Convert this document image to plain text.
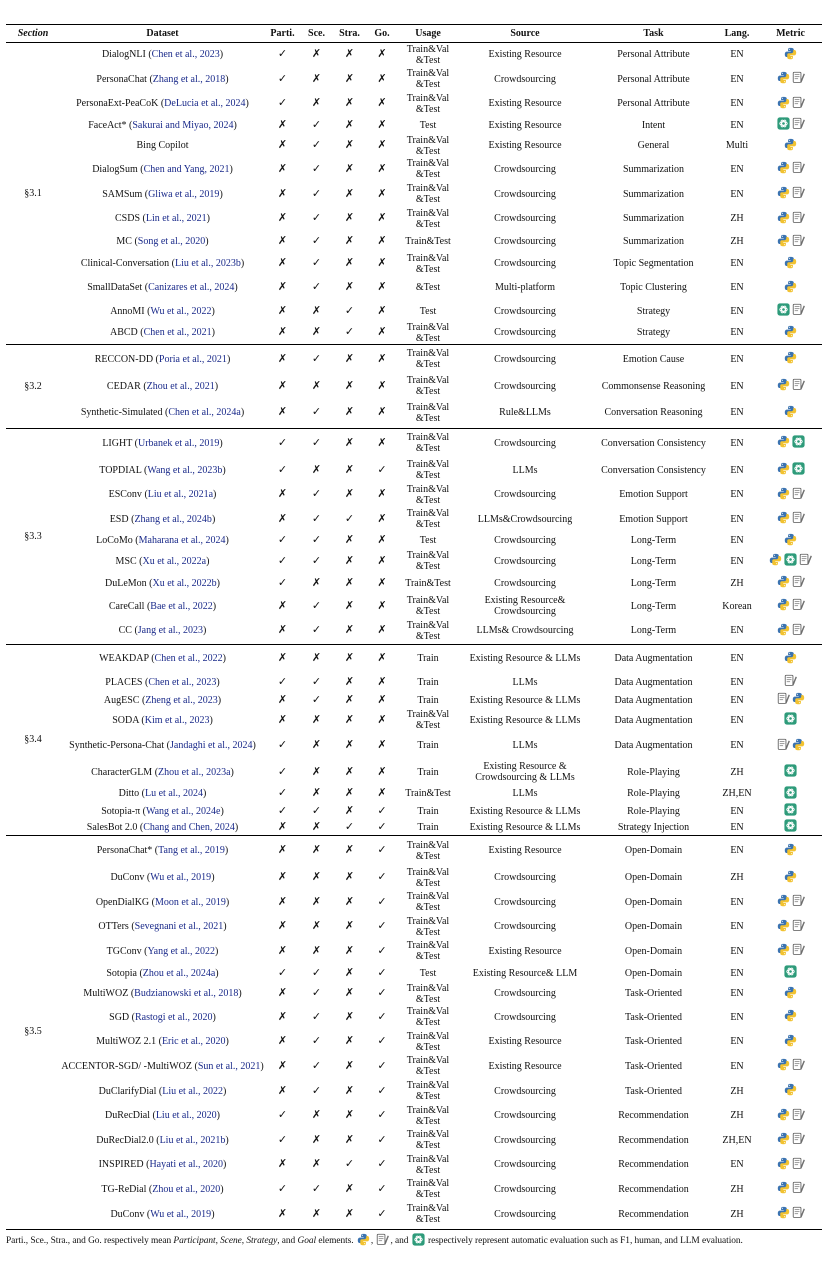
Section	Dataset	Parti.	Sce.	Stra.	Go.	Usage	Source	Task	Lang.	Metric
§3.1	DialogNLI (Chen et al., 2023)	✓	✗	✗	✗	Train&Val &Test	Existing Resource	Personal Attribute	EN	
	PersonaChat (Zhang et al., 2018)	✓	✗	✗	✗	Train&Val &Test	Crowdsourcing	Personal Attribute	EN	
	PersonaExt-PeaCoK (DeLucia et al., 2024)	✓	✗	✗	✗	Train&Val &Test	Existing Resource	Personal Attribute	EN	
	FaceAct* (Sakurai and Miyao, 2024)	✗	✓	✗	✗	Test	Existing Resource	Intent	EN	
	Bing Copilot	✗	✓	✗	✗	Train&Val &Test	Existing Resource	General	Multi	
	DialogSum (Chen and Yang, 2021)	✗	✓	✗	✗	Train&Val &Test	Crowdsourcing	Summarization	EN	
	SAMSum (Gliwa et al., 2019)	✗	✓	✗	✗	Train&Val &Test	Crowdsourcing	Summarization	EN	
	CSDS (Lin et al., 2021)	✗	✓	✗	✗	Train&Val &Test	Crowdsourcing	Summarization	ZH	
	MC (Song et al., 2020)	✗	✓	✗	✗	Train&Test	Crowdsourcing	Summarization	ZH	
	Clinical-Conversation (Liu et al., 2023b)	✗	✓	✗	✗	Train&Val &Test	Crowdsourcing	Topic Segmentation	EN	
	SmallDataSet (Canizares et al., 2024)	✗	✓	✗	✗	&Test	Multi-platform	Topic Clustering	EN	
	AnnoMI (Wu et al., 2022)	✗	✗	✓	✗	Test	Crowdsourcing	Strategy	EN	
	ABCD (Chen et al., 2021)	✗	✗	✓	✗	Train&Val &Test	Crowdsourcing	Strategy	EN	
§3.2	RECCON-DD (Poria et al., 2021)	✗	✓	✗	✗	Train&Val &Test	Crowdsourcing	Emotion Cause	EN	
	CEDAR (Zhou et al., 2021)	✗	✗	✗	✗	Train&Val &Test	Crowdsourcing	Commonsense Reasoning	EN	
	Synthetic-Simulated (Chen et al., 2024a)	✗	✓	✗	✗	Train&Val &Test	Rule&LLMs	Conversation Reasoning	EN	
§3.3	LIGHT (Urbanek et al., 2019)	✓	✓	✗	✗	Train&Val &Test	Crowdsourcing	Conversation Consistency	EN	
	TOPDIAL (Wang et al., 2023b)	✓	✗	✗	✓	Train&Val &Test	LLMs	Conversation Consistency	EN	
	ESConv (Liu et al., 2021a)	✗	✓	✗	✗	Train&Val &Test	Crowdsourcing	Emotion Support	EN	
	ESD (Zhang et al., 2024b)	✗	✓	✓	✗	Train&Val &Test	LLMs&Crowdsourcing	Emotion Support	EN	
	LoCoMo (Maharana et al., 2024)	✓	✓	✗	✗	Test	Crowdsourcing	Long-Term	EN	
	MSC (Xu et al., 2022a)	✓	✓	✗	✗	Train&Val &Test	Crowdsourcing	Long-Term	EN	
	DuLeMon (Xu et al., 2022b)	✓	✗	✗	✗	Train&Test	Crowdsourcing	Long-Term	ZH	
	CareCall (Bae et al., 2022)	✗	✓	✗	✗	Train&Val &Test	Existing Resource& Crowdsourcing	Long-Term	Korean	
	CC (Jang et al., 2023)	✗	✓	✗	✗	Train&Val &Test	LLMs& Crowdsourcing	Long-Term	EN	
§3.4	WEAKDAP (Chen et al., 2022)	✗	✗	✗	✗	Train	Existing Resource & LLMs	Data Augmentation	EN	
	PLACES (Chen et al., 2023)	✓	✓	✗	✗	Train	LLMs	Data Augmentation	EN	
	AugESC (Zheng et al., 2023)	✗	✓	✗	✗	Train	Existing Resource & LLMs	Data Augmentation	EN	
	SODA (Kim et al., 2023)	✗	✗	✗	✗	Train&Val &Test	Existing Resource & LLMs	Data Augmentation	EN	
	Synthetic-Persona-Chat (Jandaghi et al., 2024)	✓	✗	✗	✗	Train	LLMs	Data Augmentation	EN	
	CharacterGLM (Zhou et al., 2023a)	✓	✗	✗	✗	Train	Existing Resource & Crowdsourcing & LLMs	Role-Playing	ZH	
	Ditto (Lu et al., 2024)	✓	✗	✗	✗	Train&Test	LLMs	Role-Playing	ZH,EN	
	Sotopia-π (Wang et al., 2024e)	✓	✓	✗	✓	Train	Existing Resource & LLMs	Role-Playing	EN	
	SalesBot 2.0 (Chang and Chen, 2024)	✗	✗	✓	✓	Train	Existing Resource & LLMs	Strategy Injection	EN	
§3.5	PersonaChat* (Tang et al., 2019)	✗	✗	✗	✓	Train&Val &Test	Existing Resource	Open-Domain	EN	
	DuConv (Wu et al., 2019)	✗	✗	✗	✓	Train&Val &Test	Crowdsourcing	Open-Domain	ZH	
	OpenDialKG (Moon et al., 2019)	✗	✗	✗	✓	Train&Val &Test	Crowdsourcing	Open-Domain	EN	
	OTTers (Sevegnani et al., 2021)	✗	✗	✗	✓	Train&Val &Test	Crowdsourcing	Open-Domain	EN	
	TGConv (Yang et al., 2022)	✗	✗	✗	✓	Train&Val &Test	Existing Resource	Open-Domain	EN	
	Sotopia (Zhou et al., 2024a)	✓	✓	✗	✓	Test	Existing Resource& LLM	Open-Domain	EN	
	MultiWOZ (Budzianowski et al., 2018)	✗	✓	✗	✓	Train&Val &Test	Crowdsourcing	Task-Oriented	EN	
	SGD (Rastogi et al., 2020)	✗	✓	✗	✓	Train&Val &Test	Crowdsourcing	Task-Oriented	EN	
	MultiWOZ 2.1 (Eric et al., 2020)	✗	✓	✗	✓	Train&Val &Test	Existing Resource	Task-Oriented	EN	
	ACCENTOR-SGD/ -MultiWOZ (Sun et al., 2021)	✗	✓	✗	✓	Train&Val &Test	Existing Resource	Task-Oriented	EN	
	DuClarifyDial (Liu et al., 2022)	✗	✓	✗	✓	Train&Val &Test	Crowdsourcing	Task-Oriented	ZH	
	DuRecDial (Liu et al., 2020)	✓	✗	✗	✓	Train&Val &Test	Crowdsourcing	Recommendation	ZH	
	DuRecDial2.0 (Liu et al., 2021b)	✓	✗	✗	✓	Train&Val &Test	Crowdsourcing	Recommendation	ZH,EN	
	INSPIRED (Hayati et al., 2020)	✗	✗	✓	✓	Train&Val &Test	Crowdsourcing	Recommendation	EN	
	TG-ReDial (Zhou et al., 2020)	✓	✓	✗	✓	Train&Val &Test	Crowdsourcing	Recommendation	ZH	
	DuConv (Wu et al., 2019)	✗	✗	✗	✓	Train&Val &Test	Crowdsourcing	Recommendation	ZH	
Parti., Sce., Stra., and Go. respectively mean Participant, Scene, Strategy, and Goal elements. , , and  respectively represent automatic evaluation such as F1, human, and LLM evaluation.
